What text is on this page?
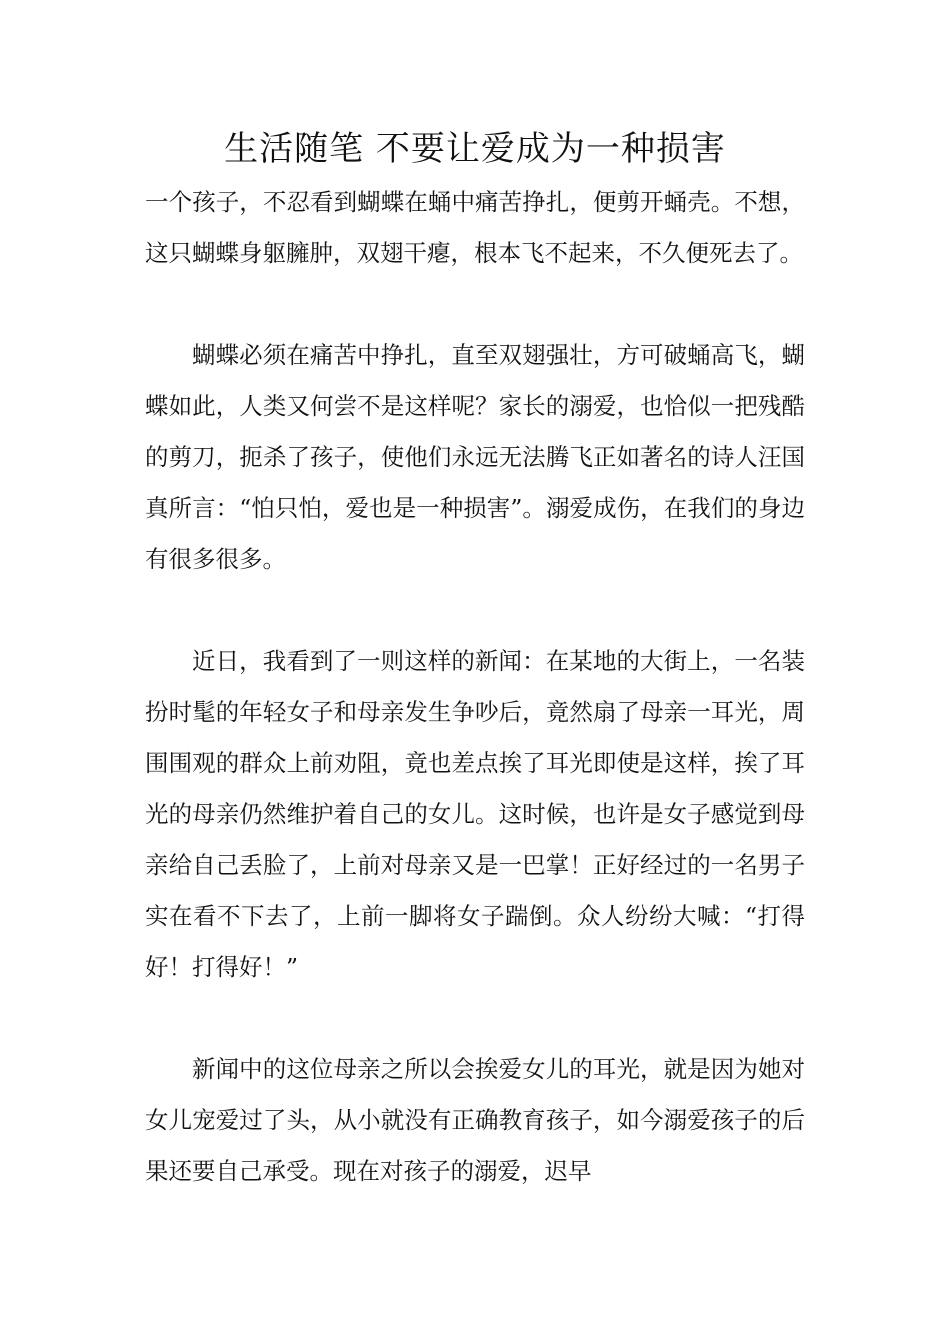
生活随笔 不要让爱成为一种损害

一个孩子，不忍看到蝴蝶在蛹中痛苦挣扎，便剪开蛹壳。不想，这只蝴蝶身躯臃肿，双翅干瘪，根本飞不起来，不久便死去了。

蝴蝶必须在痛苦中挣扎，直至双翅强壮，方可破蛹高飞，蝴蝶如此，人类又何尝不是这样呢？家长的溺爱，也恰似一把残酷的剪刀，扼杀了孩子，使他们永远无法腾飞正如著名的诗人汪国真所言：“怕只怕，爱也是一种损害”。溺爱成伤，在我们的身边有很多很多。

近日，我看到了一则这样的新闻：在某地的大街上，一名装扮时髦的年轻女子和母亲发生争吵后，竟然扇了母亲一耳光，周围围观的群众上前劝阻，竟也差点挨了耳光即使是这样，挨了耳光的母亲仍然维护着自己的女儿。这时候，也许是女子感觉到母亲给自己丢脸了，上前对母亲又是一巴掌！正好经过的一名男子实在看不下去了，上前一脚将女子踹倒。众人纷纷大喊：“打得好！打得好！”

新闻中的这位母亲之所以会挨爱女儿的耳光，就是因为她对女儿宠爱过了头，从小就没有正确教育孩子，如今溺爱孩子的后果还要自己承受。现在对孩子的溺爱，迟早
